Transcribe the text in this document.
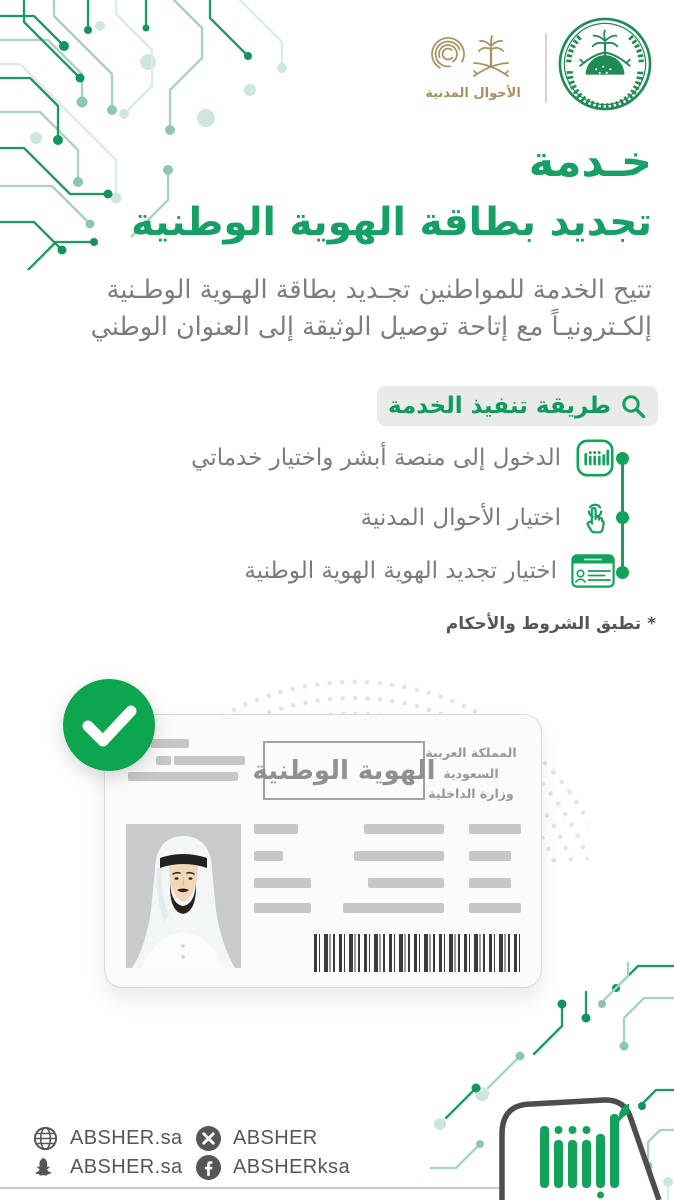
الأحوال المدنية
خـدمة
تجديد بطاقة الهوية الوطنية
تتيح الخدمة للمواطنين تجـديد بطاقة الهـوية الوطـنية
إلكـترونيـاً مع إتاحة توصيل الوثيقة إلى العنوان الوطني
طريقة تنفيذ الخدمة
الدخول إلى منصة أبشر واختيار خدماتي
اختيار الأحوال المدنية
اختيار تجديد الهوية الهوية الوطنية
* تطبق الشروط والأحكام
المملكة العربية السعودية
وزارة الداخلية
الهوية الوطنية
ABSHER.sa	ABSHER
ABSHER.sa	ABSHERksa
